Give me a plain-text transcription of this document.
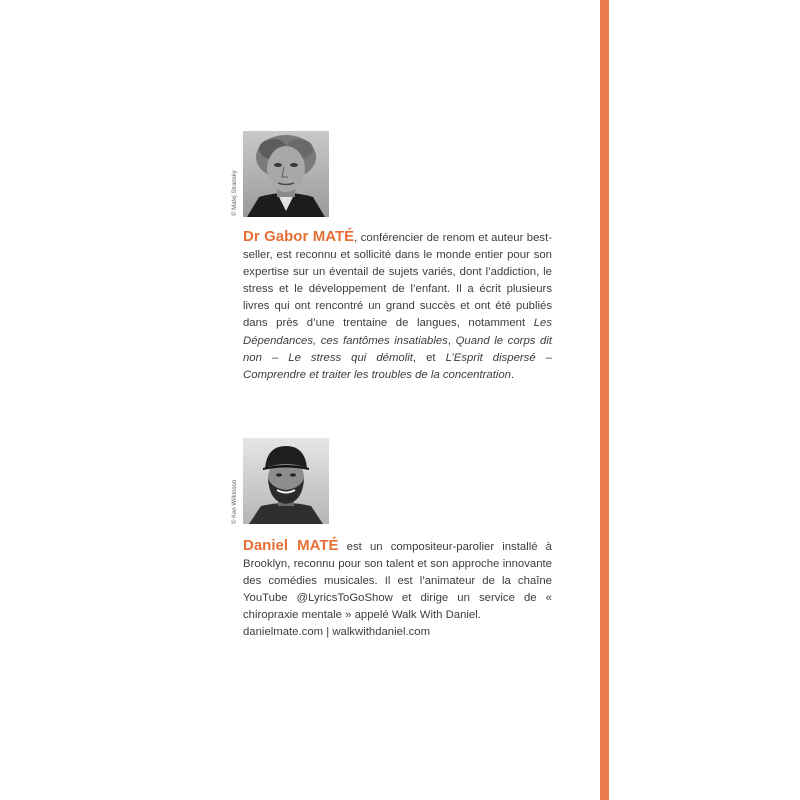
© Matej Stransky
Dr Gabor MATÉ, conférencier de renom et auteur best-seller, est reconnu et sollicité dans le monde entier pour son expertise sur un éventail de sujets variés, dont l’addiction, le stress et le développement de l’enfant. Il a écrit plusieurs livres qui ont rencontré un grand succès et ont été publiés dans près d’une trentaine de langues, notamment Les Dépendances, ces fantômes insatiables, Quand le corps dit non – Le stress qui démolit, et L’Esprit dispersé – Comprendre et traiter les troubles de la concentration.
© Ken Wilkinson
Daniel MATÉ est un compositeur-parolier installé à Brooklyn, reconnu pour son talent et son approche innovante des comédies musicales. Il est l’animateur de la chaîne YouTube @LyricsToGoShow et dirige un service de « chiropraxie mentale » appelé Walk With Daniel.
danielmate.com | walkwithdaniel.com
